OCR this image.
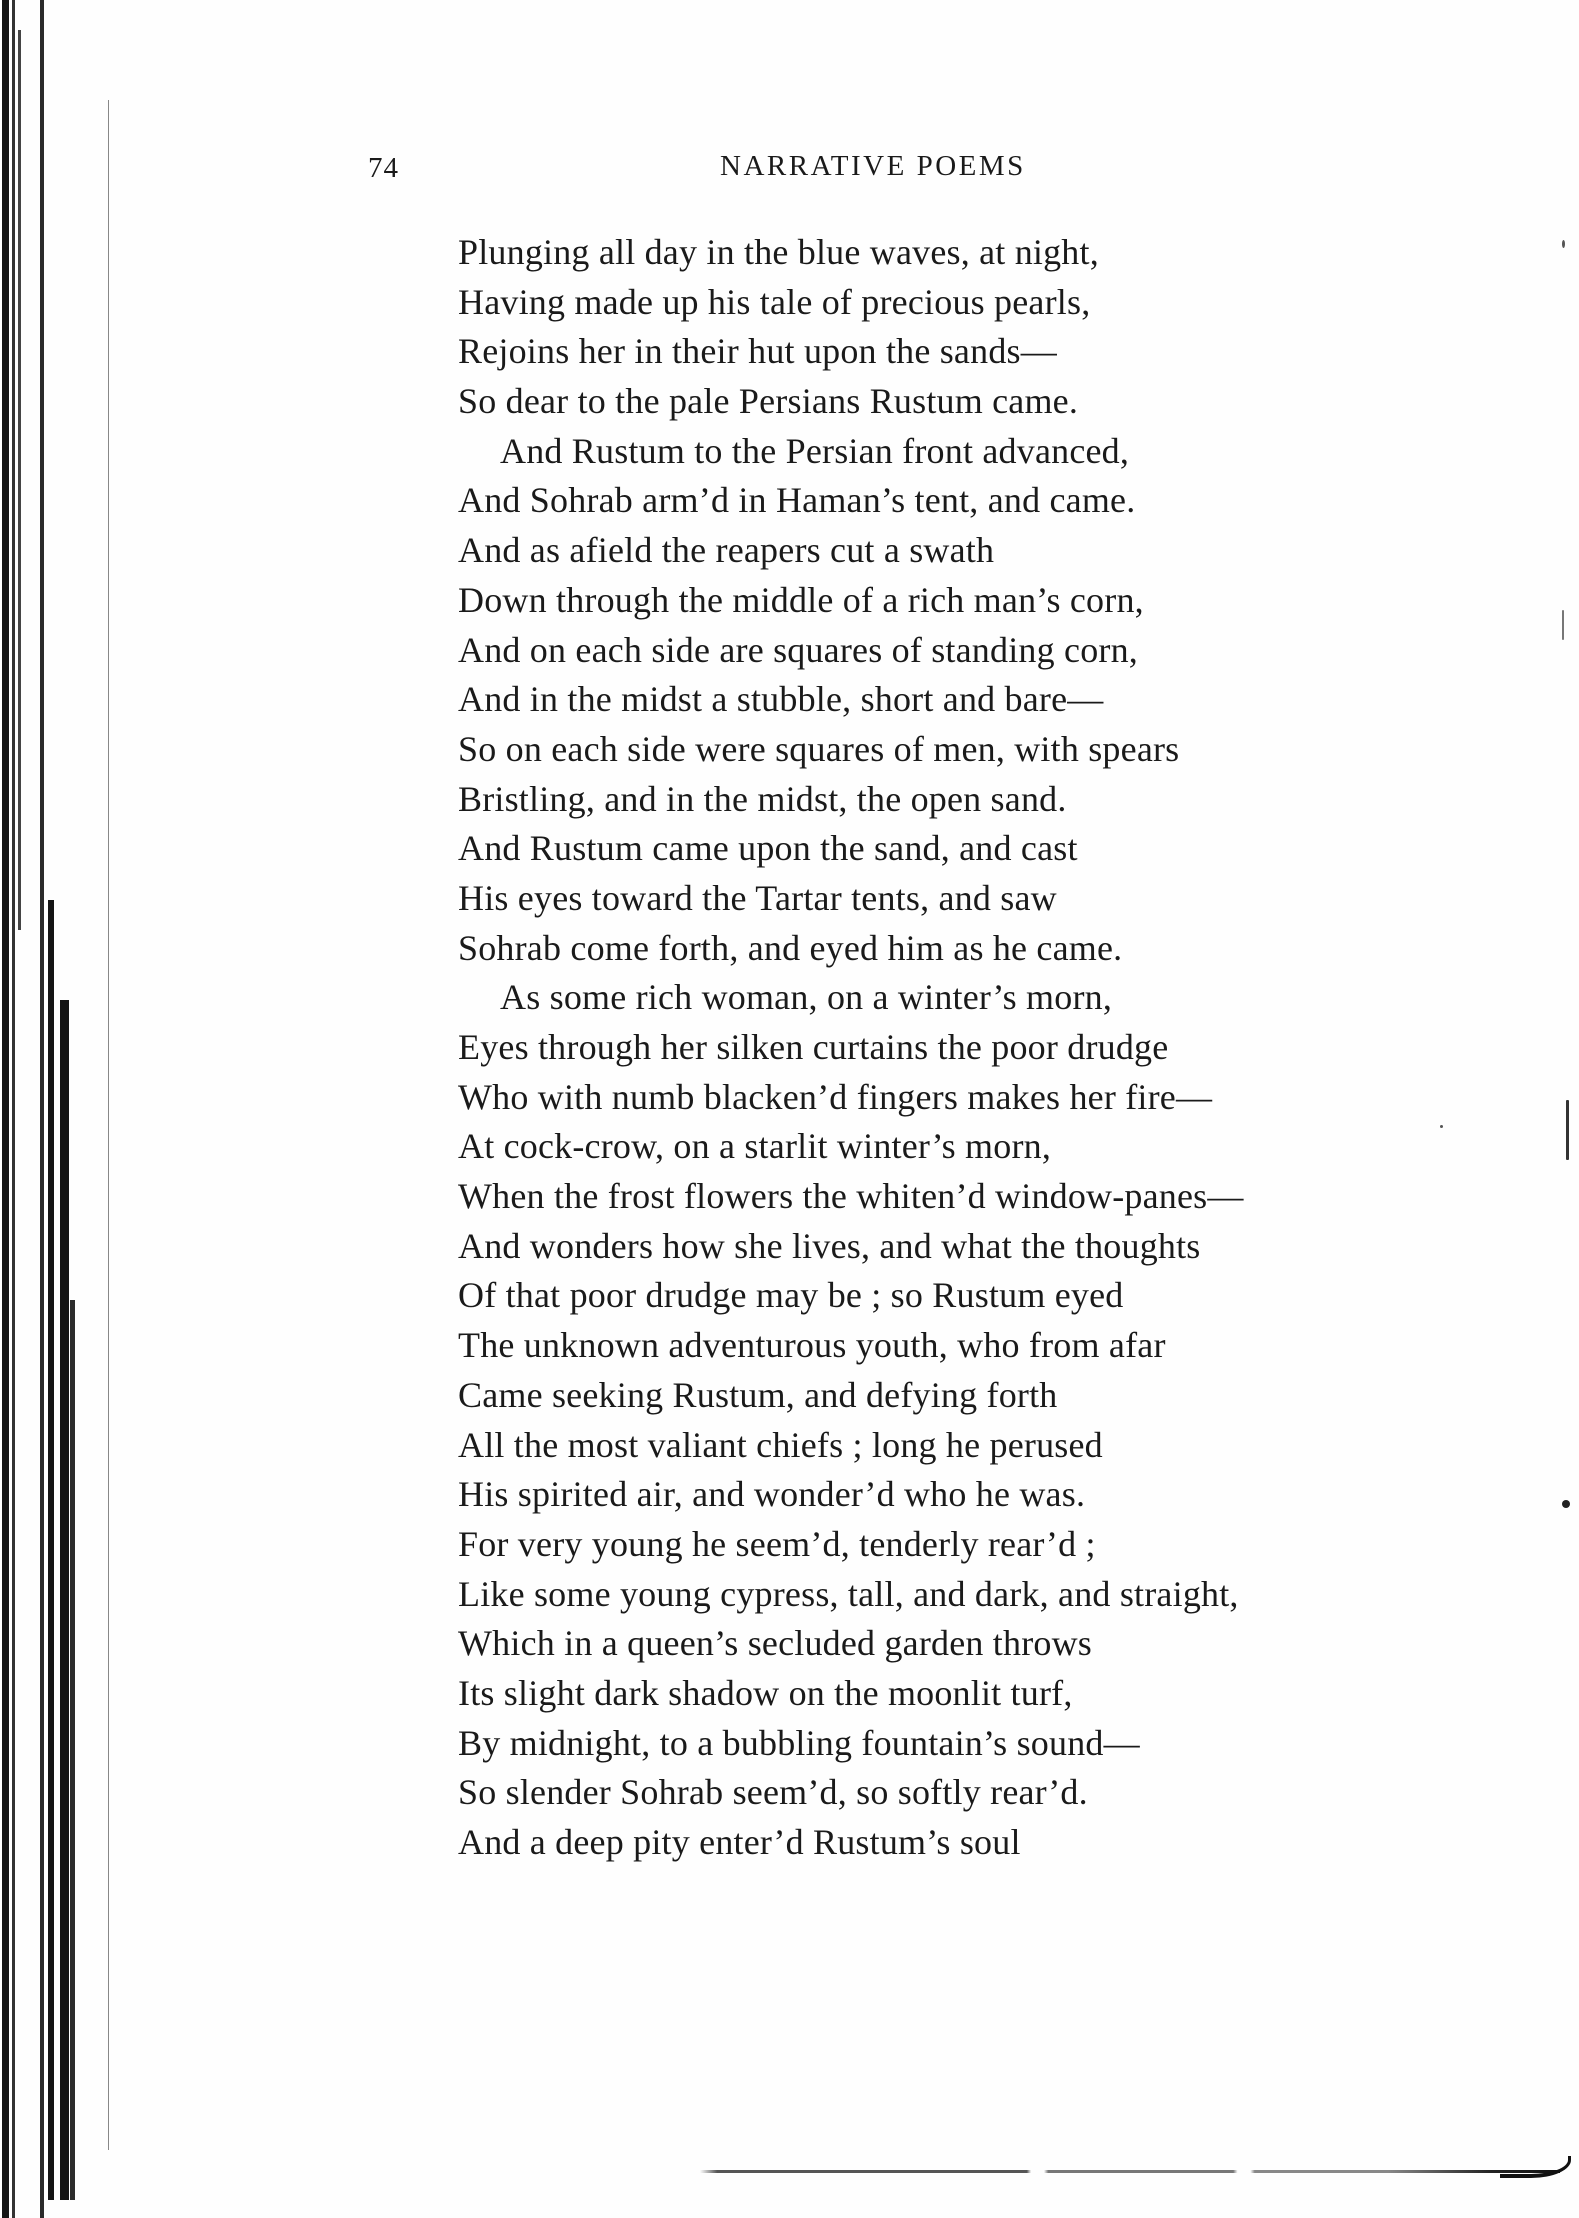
74	NARRATIVE POEMS
Plunging all day in the blue waves, at night,
Having made up his tale of precious pearls,
Rejoins her in their hut upon the sands—
So dear to the pale Persians Rustum came.
And Rustum to the Persian front advanced,
And Sohrab arm’d in Haman’s tent, and came.
And as afield the reapers cut a swath
Down through the middle of a rich man’s corn,
And on each side are squares of standing corn,
And in the midst a stubble, short and bare—
So on each side were squares of men, with spears
Bristling, and in the midst, the open sand.
And Rustum came upon the sand, and cast
His eyes toward the Tartar tents, and saw
Sohrab come forth, and eyed him as he came.
As some rich woman, on a winter’s morn,
Eyes through her silken curtains the poor drudge
Who with numb blacken’d fingers makes her fire—
At cock-crow, on a starlit winter’s morn,
When the frost flowers the whiten’d window-panes—
And wonders how she lives, and what the thoughts
Of that poor drudge may be ; so Rustum eyed
The unknown adventurous youth, who from afar
Came seeking Rustum, and defying forth
All the most valiant chiefs ; long he perused
His spirited air, and wonder’d who he was.
For very young he seem’d, tenderly rear’d ;
Like some young cypress, tall, and dark, and straight,
Which in a queen’s secluded garden throws
Its slight dark shadow on the moonlit turf,
By midnight, to a bubbling fountain’s sound—
So slender Sohrab seem’d, so softly rear’d.
And a deep pity enter’d Rustum’s soul
